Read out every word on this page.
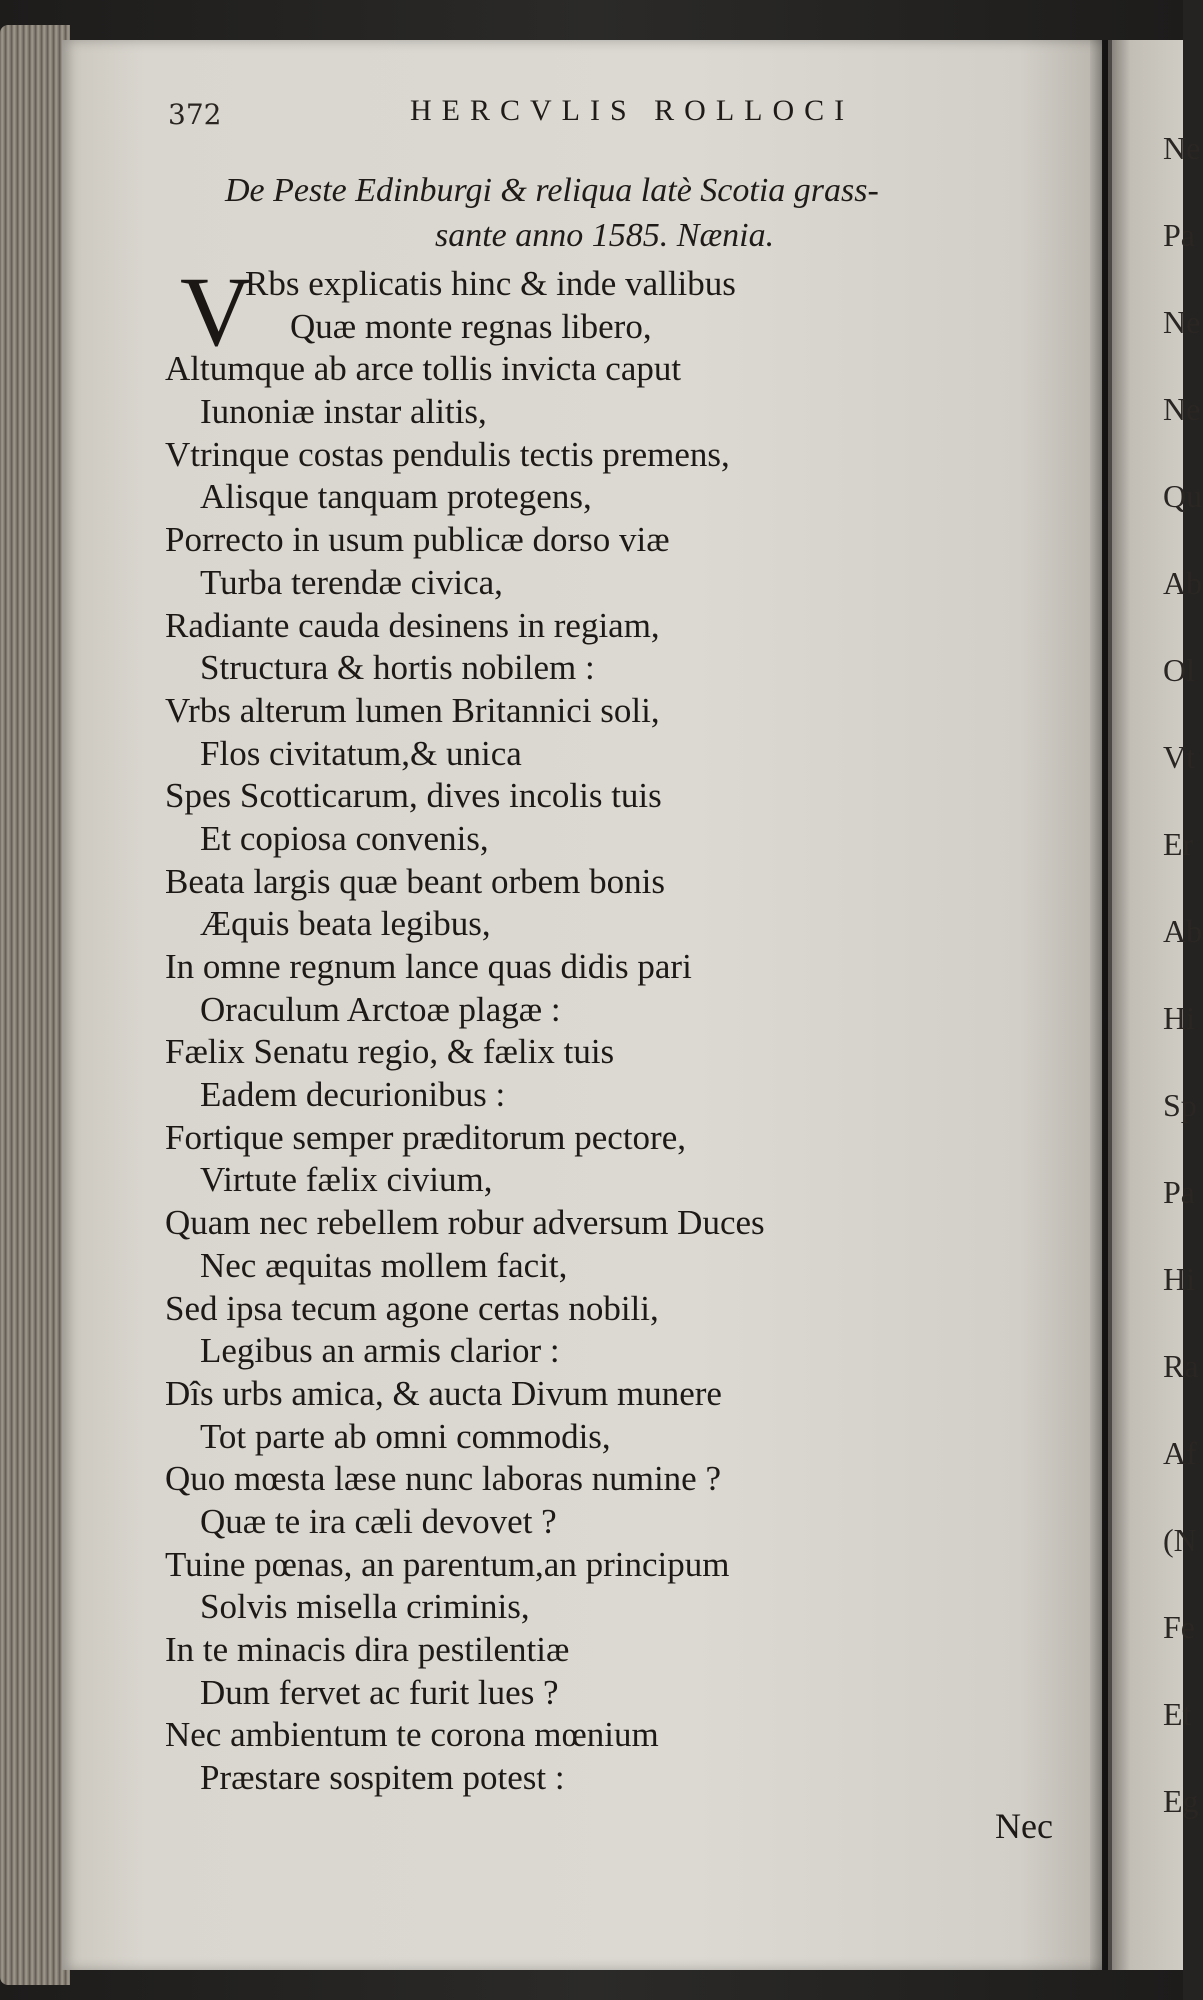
Ne
Pa
Ne
Ne
Qu
Ab
Ol
Vt
Er
Ab
Hi
Sp
Pa
Hi
Ra
Af
(N
Fe
Et
Eg
372	HERCVLIS ROLLOCI
De Peste Edinburgi & reliqua latè Scotia grass-
sante anno 1585. Nænia.
V
Rbs explicatis hinc & inde vallibus
Quæ monte regnas libero,
Altumque ab arce tollis invicta caput
Iunoniæ instar alitis,
Vtrinque costas pendulis tectis premens,
Alisque tanquam protegens,
Porrecto in usum publicæ dorso viæ
Turba terendæ civica,
Radiante cauda desinens in regiam,
Structura & hortis nobilem :
Vrbs alterum lumen Britannici soli,
Flos civitatum,& unica
Spes Scotticarum, dives incolis tuis
Et copiosa convenis,
Beata largis quæ beant orbem bonis
Æquis beata legibus,
In omne regnum lance quas didis pari
Oraculum Arctoæ plagæ :
Fælix Senatu regio, & fælix tuis
Eadem decurionibus :
Fortique semper præditorum pectore,
Virtute fælix civium,
Quam nec rebellem robur adversum Duces
Nec æquitas mollem facit,
Sed ipsa tecum agone certas nobili,
Legibus an armis clarior :
Dîs urbs amica, & aucta Divum munere
Tot parte ab omni commodis,
Quo mœsta læse nunc laboras numine ?
Quæ te ira cæli devovet ?
Tuine pœnas, an parentum,an principum
Solvis misella criminis,
In te minacis dira pestilentiæ
Dum fervet ac furit lues ?
Nec ambientum te corona mœnium
Præstare sospitem potest :
Nec
